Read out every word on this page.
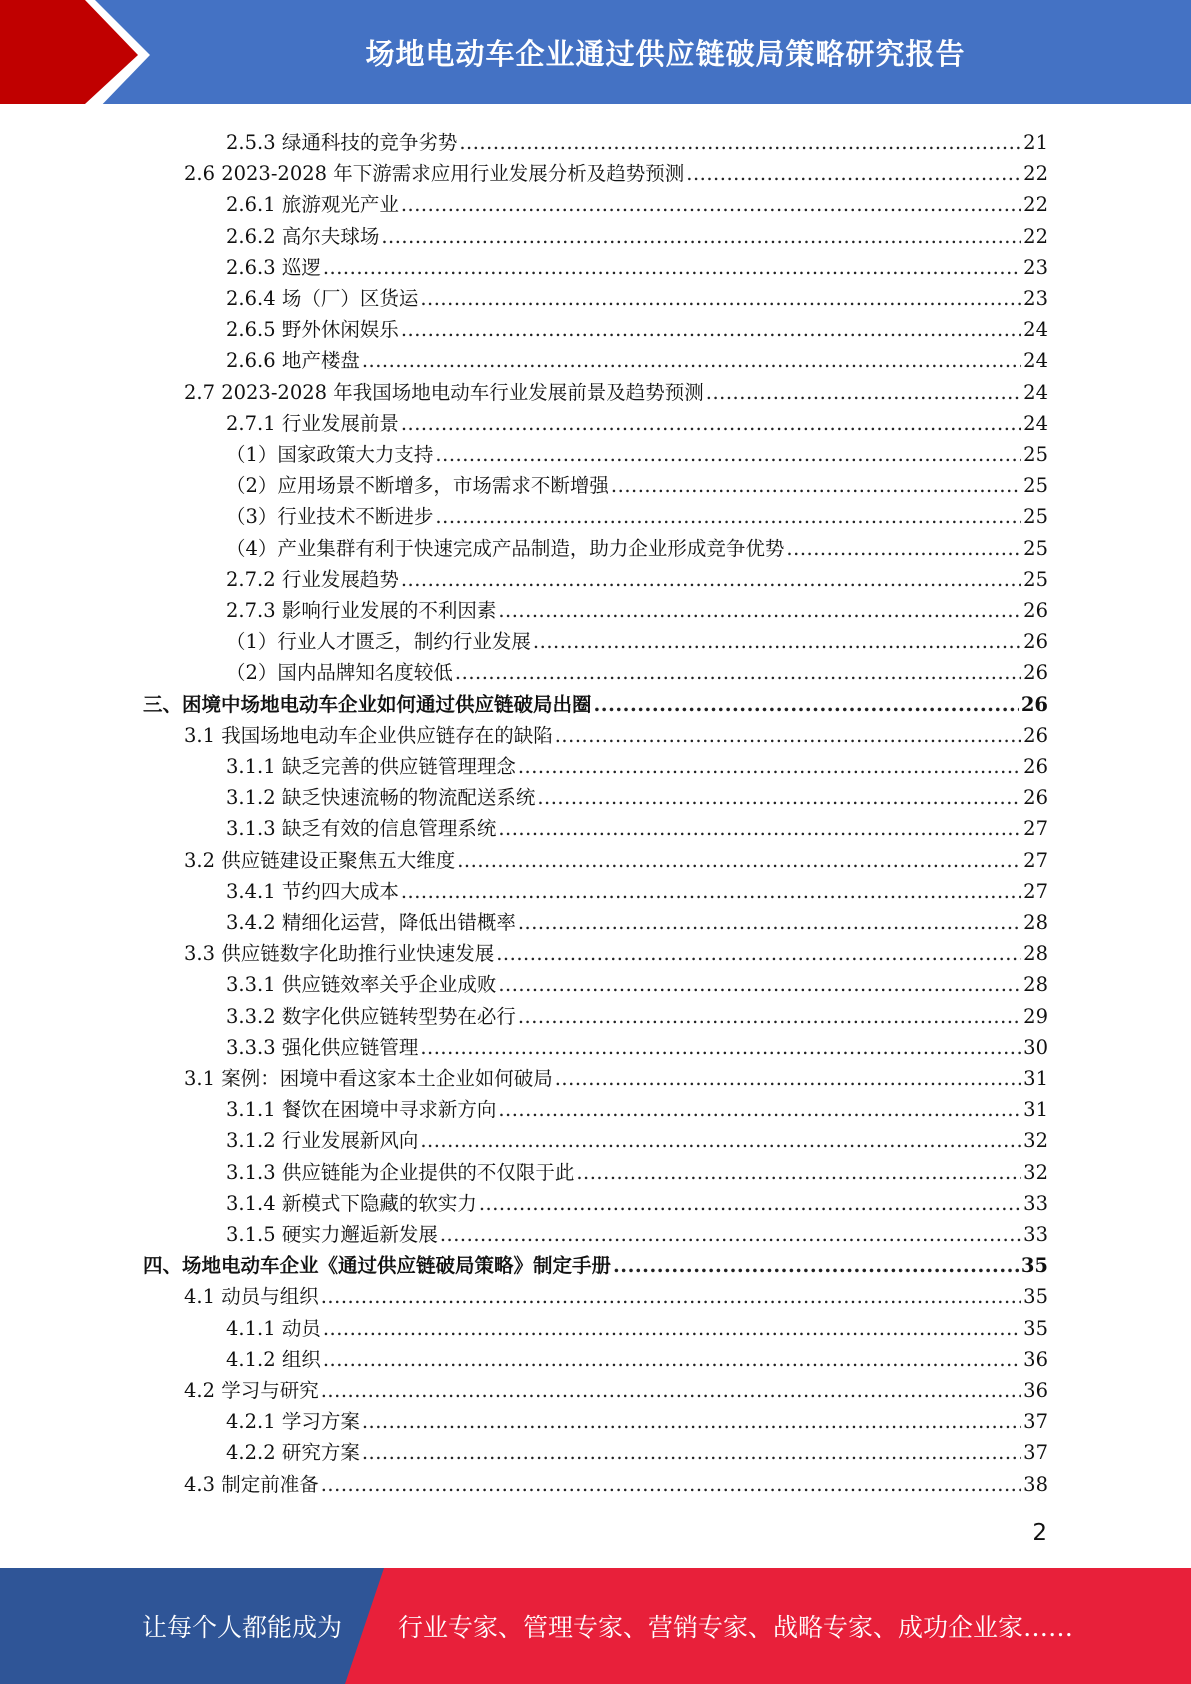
场地电动车企业通过供应链破局策略研究报告
2.5.3 绿通科技的竞争劣势 .....	21
2.6 2023-2028 年下游需求应用行业发展分析及趋势预测 .....	22
2.6.1 旅游观光产业 .....	22
2.6.2 高尔夫球场 .....	22
2.6.3 巡逻 .....	23
2.6.4 场（厂）区货运 .....	23
2.6.5 野外休闲娱乐 .....	24
2.6.6 地产楼盘 .....	24
2.7 2023-2028 年我国场地电动车行业发展前景及趋势预测 .....	24
2.7.1 行业发展前景 .....	24
（1）国家政策大力支持 .....	25
（2）应用场景不断增多，市场需求不断增强 .....	25
（3）行业技术不断进步 .....	25
（4）产业集群有利于快速完成产品制造，助力企业形成竞争优势 .....	25
2.7.2 行业发展趋势 .....	25
2.7.3 影响行业发展的不利因素 .....	26
（1）行业人才匮乏，制约行业发展 .....	26
（2）国内品牌知名度较低 .....	26
三、困境中场地电动车企业如何通过供应链破局出圈 .....	26
3.1 我国场地电动车企业供应链存在的缺陷 .....	26
3.1.1 缺乏完善的供应链管理理念 .....	26
3.1.2 缺乏快速流畅的物流配送系统 .....	26
3.1.3 缺乏有效的信息管理系统 .....	27
3.2 供应链建设正聚焦五大维度 .....	27
3.4.1 节约四大成本 .....	27
3.4.2 精细化运营，降低出错概率 .....	28
3.3 供应链数字化助推行业快速发展 .....	28
3.3.1 供应链效率关乎企业成败 .....	28
3.3.2 数字化供应链转型势在必行 .....	29
3.3.3 强化供应链管理 .....	30
3.1 案例：困境中看这家本土企业如何破局 .....	31
3.1.1 餐饮在困境中寻求新方向 .....	31
3.1.2 行业发展新风向 .....	32
3.1.3 供应链能为企业提供的不仅限于此 .....	32
3.1.4 新模式下隐藏的软实力 .....	33
3.1.5 硬实力邂逅新发展 .....	33
四、场地电动车企业《通过供应链破局策略》制定手册 .....	35
4.1 动员与组织 .....	35
4.1.1 动员 .....	35
4.1.2 组织 .....	36
4.2 学习与研究 .....	36
4.2.1 学习方案 .....	37
4.2.2 研究方案 .....	37
4.3 制定前准备 .....	38
2
让每个人都能成为 行业专家、管理专家、营销专家、战略专家、成功企业家……
